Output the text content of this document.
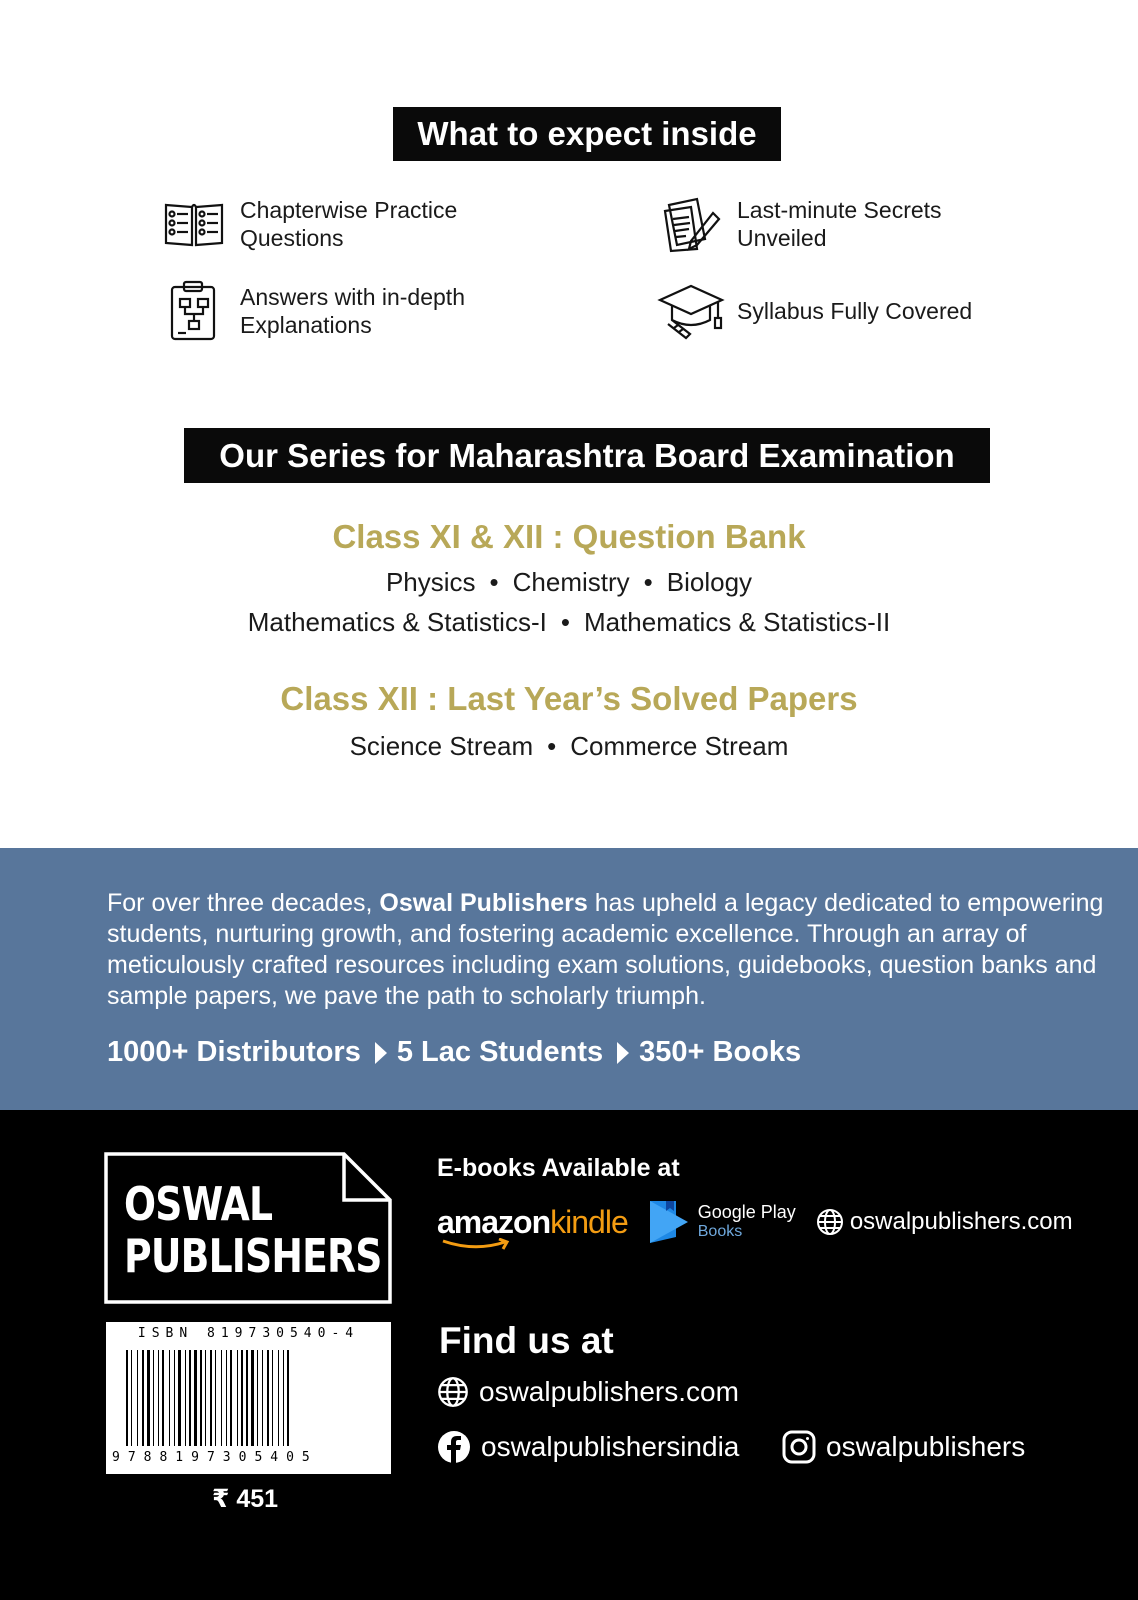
What to expect inside
Chapterwise Practice Questions
Answers with in-depth Explanations
Last-minute Secrets Unveiled
Syllabus Fully Covered
Our Series for Maharashtra Board Examination
Class XI & XII : Question Bank
Physics • Chemistry • Biology
Mathematics & Statistics-I • Mathematics & Statistics-II
Class XII : Last Year’s Solved Papers
Science Stream • Commerce Stream

For over three decades, Oswal Publishers has upheld a legacy dedicated to empowering students, nurturing growth, and fostering academic excellence. Through an array of meticulously crafted resources including exam solutions, guidebooks, question banks and sample papers, we pave the path to scholarly triumph.

1000+ Distributors 5 Lac Students 350+ Books
OSWAL
PUBLISHERS
ISBN 819730540-4
9788197305405
₹ 451
E-books Available at
amazonkindle	Google Play
Books	oswalpublishers.com
Find us at
oswalpublishers.com
oswalpublishersindia	oswalpublishers
